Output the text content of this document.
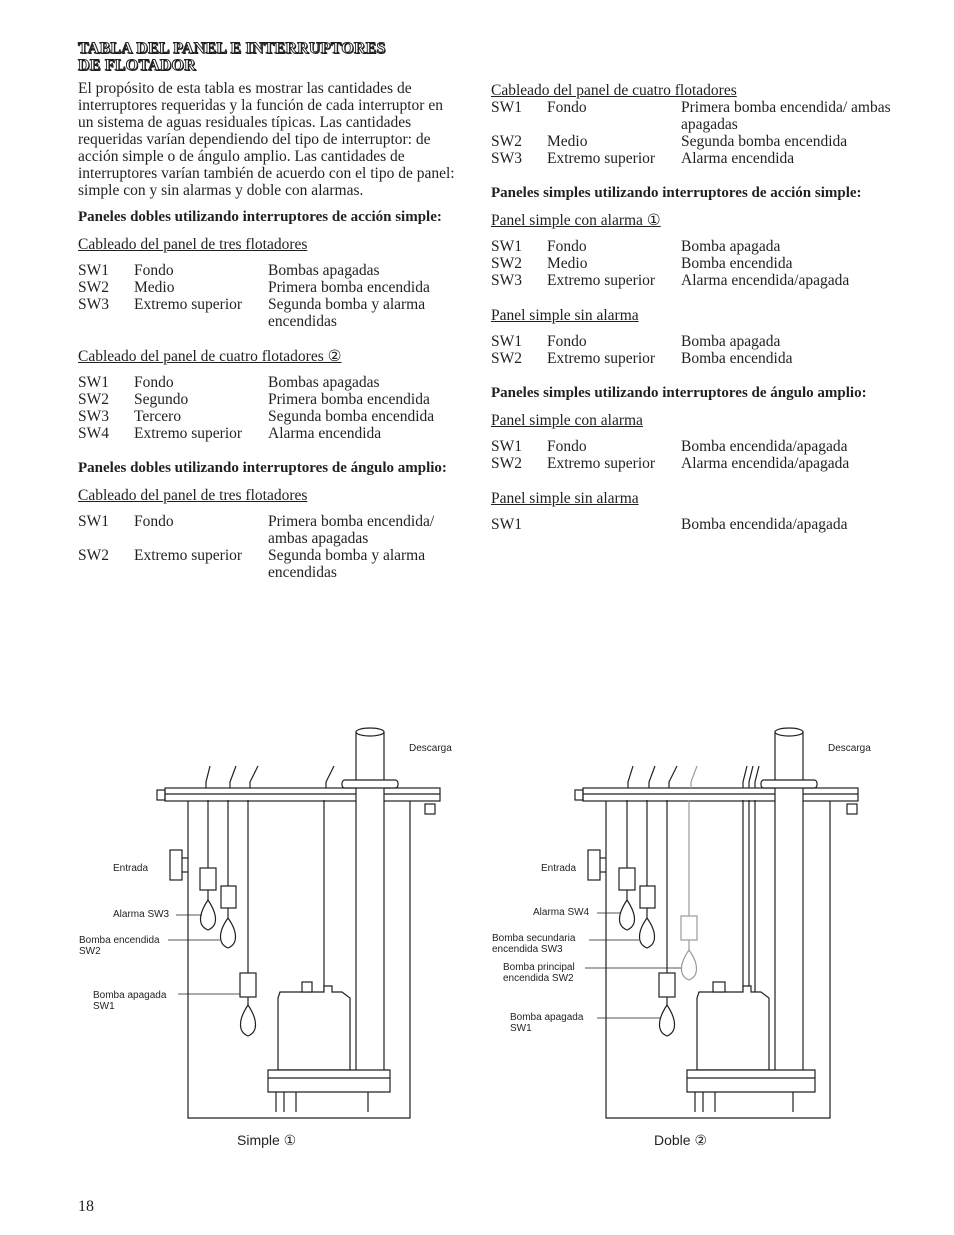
TABLA DEL PANEL E INTERRUPTORES
DE FLOTADOR

El propósito de esta tabla es mostrar las cantidades de interruptores requeridas y la función de cada interruptor en un sistema de aguas residuales típicas. Las cantidades requeridas varían dependiendo del tipo de interruptor: de acción simple o de ángulo amplio. Las cantidades de interruptores varían también de acuerdo con el tipo de panel: simple con y sin alarmas y doble con alarmas.

Paneles dobles utilizando interruptores de acción simple:

Cableado del panel de tres flotadores

SW1	Fondo	Bombas apagadas
SW2	Medio	Primera bomba encendida
SW3	Extremo superior	Segunda bomba y alarma encendidas

Cableado del panel de cuatro flotadores ②

SW1	Fondo	Bombas apagadas
SW2	Segundo	Primera bomba encendida
SW3	Tercero	Segunda bomba encendida
SW4	Extremo superior	Alarma encendida

Paneles dobles utilizando interruptores de ángulo amplio:

Cableado del panel de tres flotadores

SW1	Fondo	Primera bomba encendida/ ambas apagadas
SW2	Extremo superior	Segunda bomba y alarma encendidas

Cableado del panel de cuatro flotadores

SW1	Fondo	Primera bomba encendida/ ambas apagadas
SW2	Medio	Segunda bomba encendida
SW3	Extremo superior	Alarma encendida

Paneles simples utilizando interruptores de acción simple:

Panel simple con alarma ①

SW1	Fondo	Bomba apagada
SW2	Medio	Bomba encendida
SW3	Extremo superior	Alarma encendida/apagada

Panel simple sin alarma

SW1	Fondo	Bomba apagada
SW2	Extremo superior	Bomba encendida

Paneles simples utilizando interruptores de ángulo amplio:

Panel simple con alarma

SW1	Fondo	Bomba encendida/apagada
SW2	Extremo superior	Alarma encendida/apagada

Panel simple sin alarma

SW1		Bomba encendida/apagada
Descarga
Entrada
Alarma SW3
Bomba encendida
SW2
Bomba apagada
SW1
Simple ①
Descarga
Entrada
Alarma SW4
Bomba secundaria
encendida SW3
Bomba principal
encendida SW2
Bomba apagada
SW1
Doble ②
18
